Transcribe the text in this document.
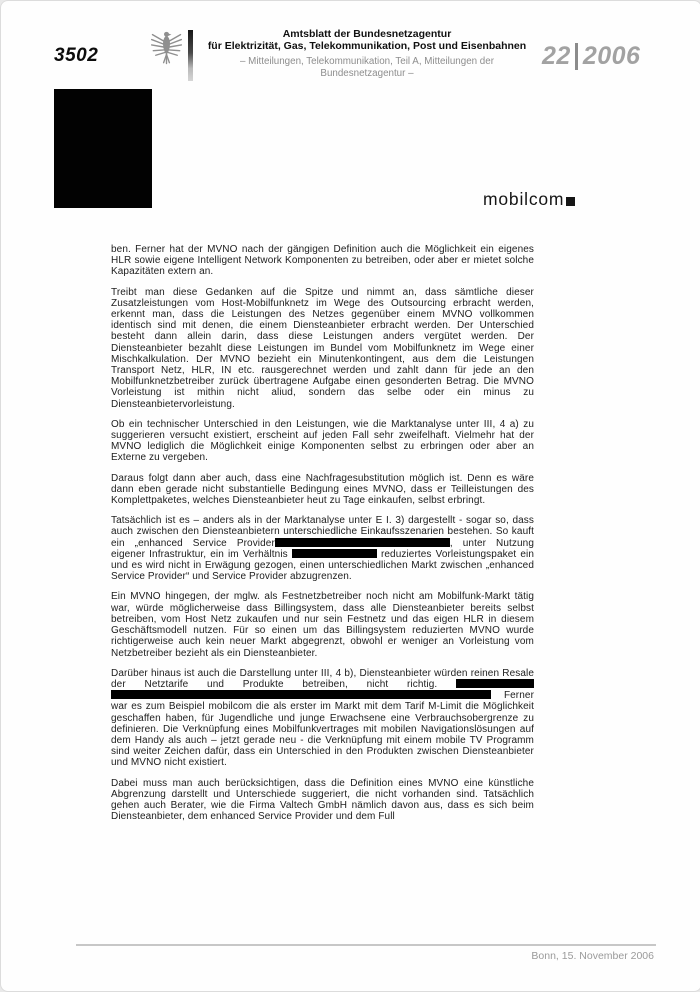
3502
Amtsblatt der Bundesnetzagentur
für Elektrizität, Gas, Telekommunikation, Post und Eisenbahnen
– Mitteilungen, Telekommunikation, Teil A, Mitteilungen der Bundesnetzagentur –
22 2006
mobilcom

ben. Ferner hat der MVNO nach der gängigen Definition auch die Möglichkeit ein eigenes HLR sowie eigene Intelligent Network Komponenten zu betreiben, oder aber er mietet solche Kapazitäten extern an.

Treibt man diese Gedanken auf die Spitze und nimmt an, dass sämtliche dieser Zusatzleistungen vom Host-Mobilfunknetz im Wege des Outsourcing erbracht werden, erkennt man, dass die Leistungen des Netzes gegenüber einem MVNO vollkommen identisch sind mit denen, die einem Diensteanbieter erbracht werden. Der Unterschied besteht dann allein darin, dass diese Leistungen anders vergütet werden. Der Diensteanbieter bezahlt diese Leistungen im Bundel vom Mobilfunknetz im Wege einer Mischkalkulation. Der MVNO bezieht ein Minutenkontingent, aus dem die Leistungen Transport Netz, HLR, IN etc. rausgerechnet werden und zahlt dann für jede an den Mobilfunknetzbetreiber zurück übertragene Aufgabe einen gesonderten Betrag. Die MVNO Vorleistung ist mithin nicht aliud, sondern das selbe oder ein minus zu Diensteanbietervorleistung.

Ob ein technischer Unterschied in den Leistungen, wie die Marktanalyse unter III, 4 a) zu suggerieren versucht existiert, erscheint auf jeden Fall sehr zweifelhaft. Vielmehr hat der MVNO lediglich die Möglichkeit einige Komponenten selbst zu erbringen oder aber an Externe zu vergeben.

Daraus folgt dann aber auch, dass eine Nachfragesubstitution möglich ist. Denn es wäre dann eben gerade nicht substantielle Bedingung eines MVNO, dass er Teilleistungen des Komplettpaketes, welches Diensteanbieter heut zu Tage einkaufen, selbst erbringt.

Tatsächlich ist es – anders als in der Marktanalyse unter E I. 3) dargestellt - sogar so, dass auch zwischen den Diensteanbietern unterschiedliche Einkaufsszenarien bestehen. So kauft ein „enhanced Service Provider	, unter Nutzung eigener Infrastruktur, ein im Verhältnis	reduziertes Vorleistungspaket ein und es wird nicht in Erwägung gezogen, einen unterschiedlichen Markt zwischen „enhanced Service Provider“ und Service Provider abzugrenzen.

Ein MVNO hingegen, der mglw. als Festnetzbetreiber noch nicht am Mobilfunk-Markt tätig war, würde möglicherweise dass Billingsystem, dass alle Diensteanbieter bereits selbst betreiben, vom Host Netz zukaufen und nur sein Festnetz und das eigen HLR in diesem Geschäftsmodell nutzen. Für so einen um das Billingsystem reduzierten MVNO wurde richtigerweise auch kein neuer Markt abgegrenzt, obwohl er weniger an Vorleistung vom Netzbetreiber bezieht als ein Diensteanbieter.

Darüber hinaus ist auch die Darstellung unter III, 4 b), Diensteanbieter würden reinen Resale der Netztarife und Produkte betreiben, nicht richtig.   Ferner war es zum Beispiel mobilcom die als erster im Markt mit dem Tarif M-Limit die Möglichkeit geschaffen haben, für Jugendliche und junge Erwachsene eine Verbrauchsobergrenze zu definieren. Die Verknüpfung eines Mobilfunkvertrages mit mobilen Navigationslösungen auf dem Handy als auch – jetzt gerade neu - die Verknüpfung mit einem mobile TV Programm sind weiter Zeichen dafür, dass ein Unterschied in den Produkten zwischen Diensteanbieter und MVNO nicht existiert.

Dabei muss man auch berücksichtigen, dass die Definition eines MVNO eine künstliche Abgrenzung darstellt und Unterschiede suggeriert, die nicht vorhanden sind. Tatsächlich gehen auch Berater, wie die Firma Valtech GmbH nämlich davon aus, dass es sich beim Diensteanbieter, dem enhanced Service Provider und dem Full

Bonn, 15. November 2006
